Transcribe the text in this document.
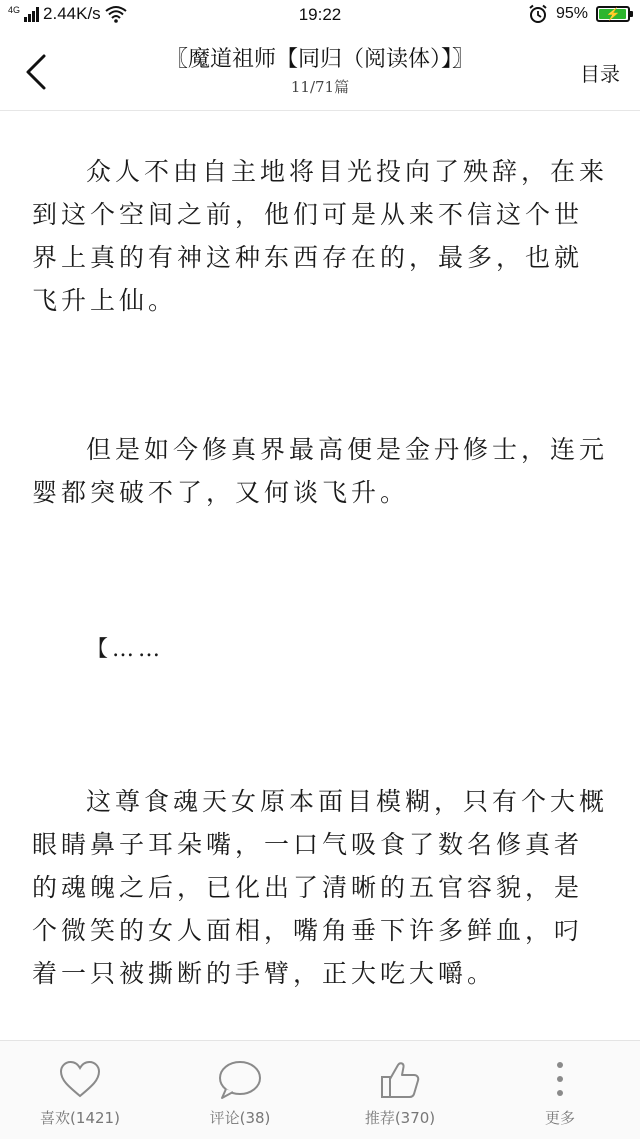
4G 2.44K/s	19:22	95%	⚡
〖魔道祖师【同归（阅读体）】〗
11/71篇
目录

众人不由自主地将目光投向了殃辞，在来到这个空间之前，他们可是从来不信这个世界上真的有神这种东西存在的，最多，也就飞升上仙。

但是如今修真界最高便是金丹修士，连元婴都突破不了，又何谈飞升。

【……

这尊食魂天女原本面目模糊，只有个大概眼睛鼻子耳朵嘴，一口气吸食了数名修真者的魂魄之后，已化出了清晰的五官容貌，是个微笑的女人面相，嘴角垂下许多鲜血，叼着一只被撕断的手臂，正大吃大嚼。

喜欢(1421)	评论(38)	推荐(370)	更多
